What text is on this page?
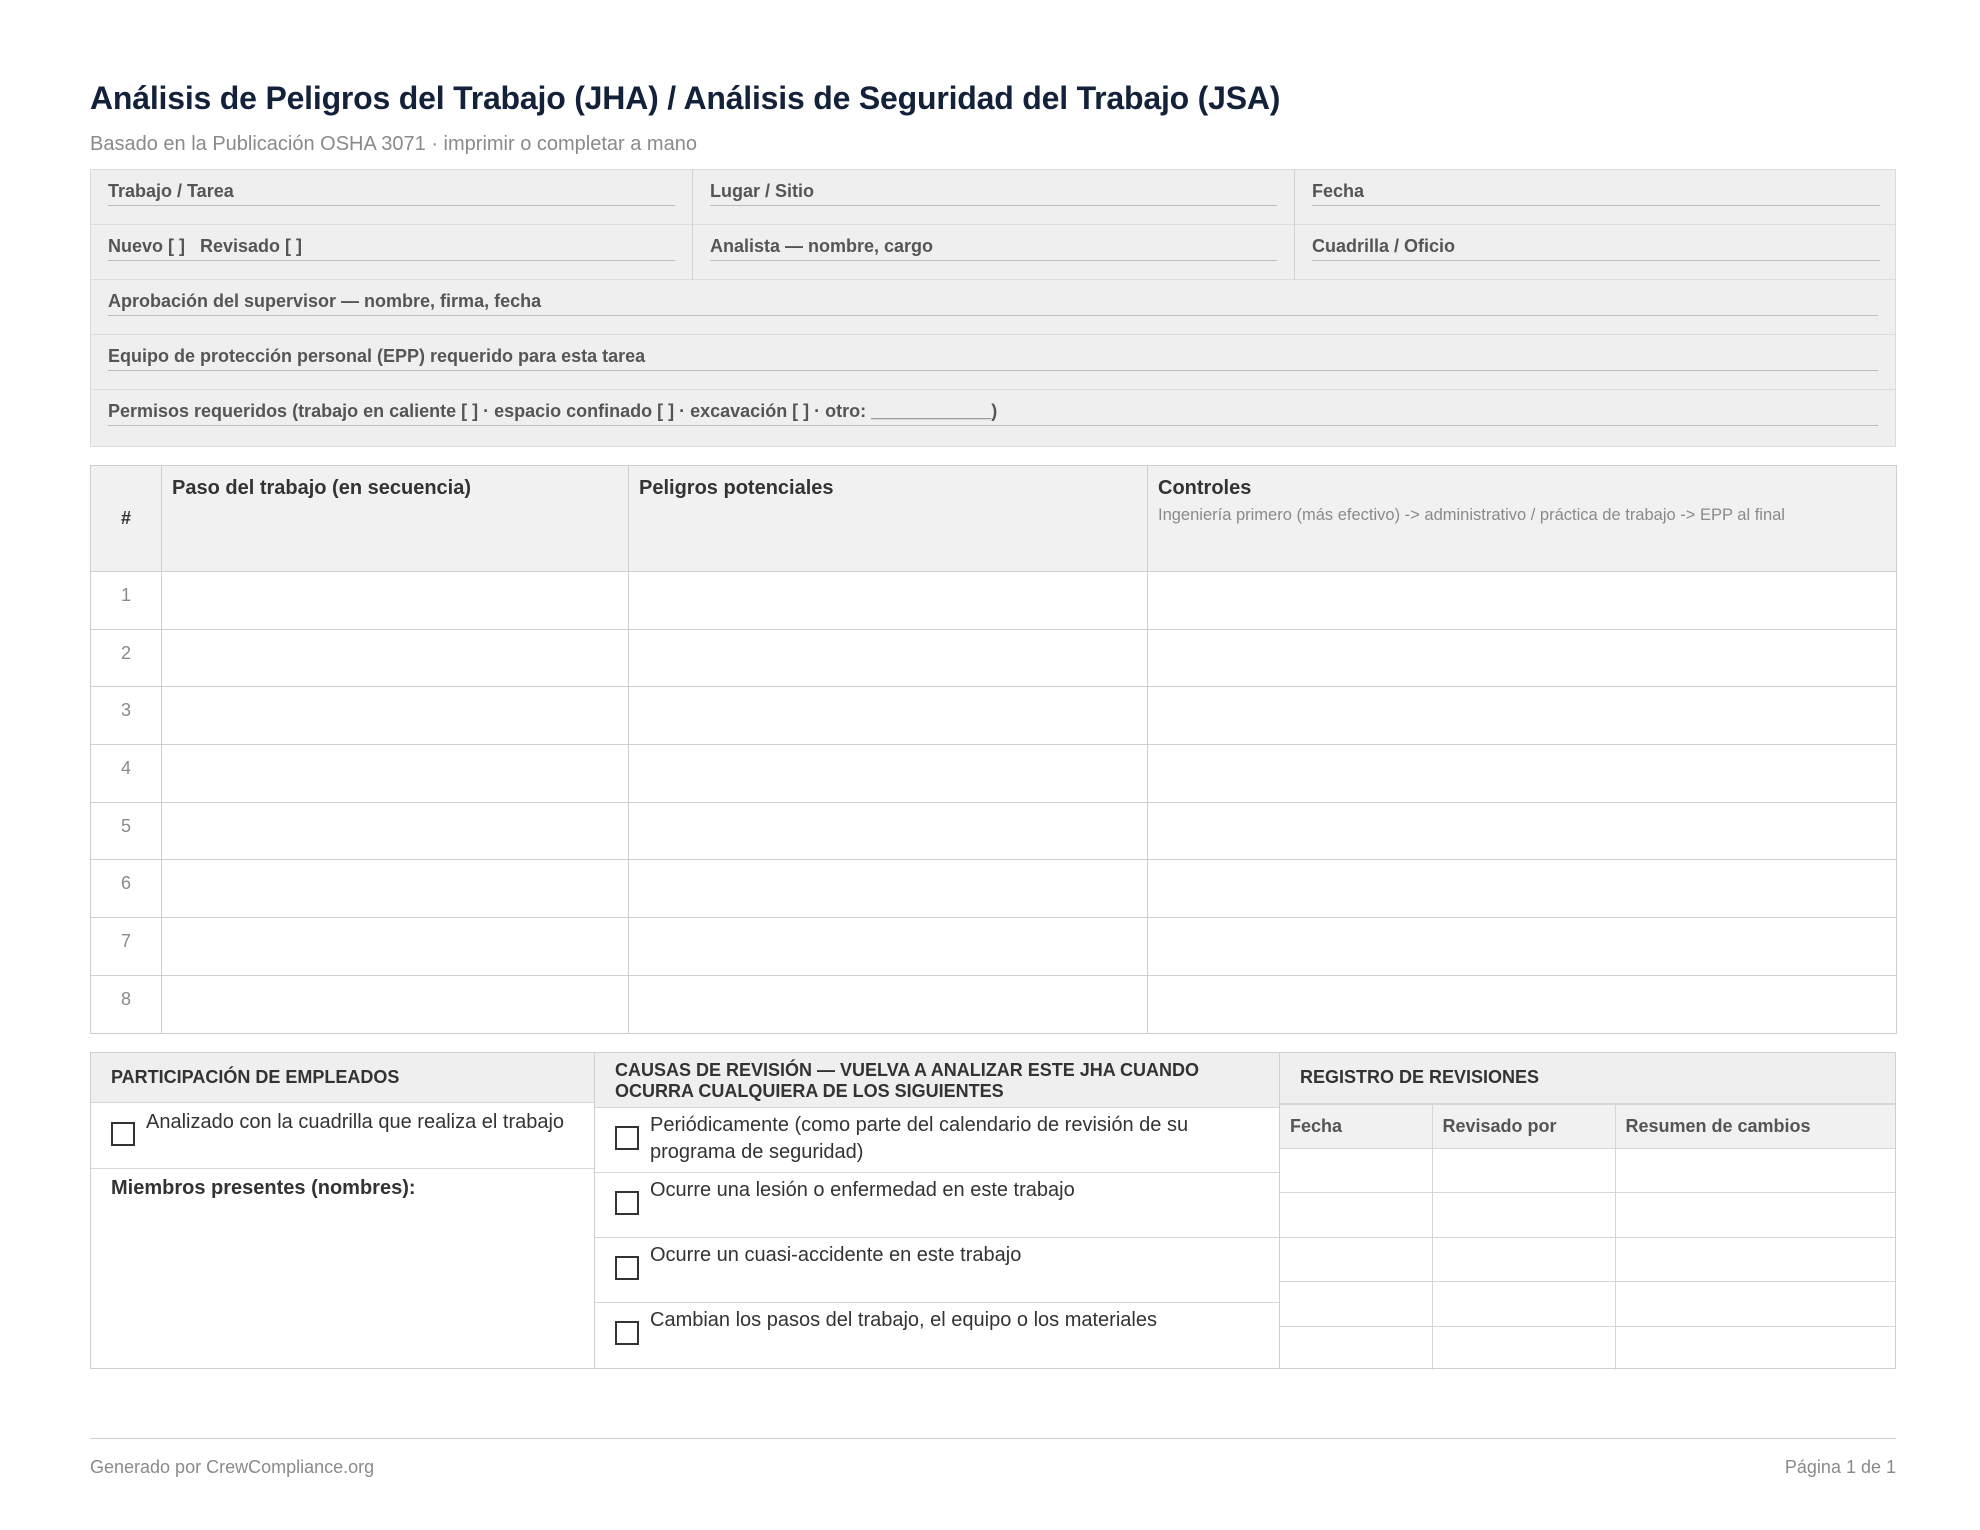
Análisis de Peligros del Trabajo (JHA) / Análisis de Seguridad del Trabajo (JSA)
Basado en la Publicación OSHA 3071 · imprimir o completar a mano
Trabajo / Tarea	Lugar / Sitio	Fecha
Nuevo [ ]   Revisado [ ]	Analista — nombre, cargo	Cuadrilla / Oficio
Aprobación del supervisor — nombre, firma, fecha
Equipo de protección personal (EPP) requerido para esta tarea
Permisos requeridos (trabajo en caliente [ ] · espacio confinado [ ] · excavación [ ] · otro: ____________)
#	Paso del trabajo (en secuencia)	Peligros potenciales	Controles
Ingeniería primero (más efectivo) -> administrativo / práctica de trabajo -> EPP al final

1			
2			
3			
4			
5			
6			
7			
8			
PARTICIPACIÓN DE EMPLEADOS
Analizado con la cuadrilla que realiza el trabajo
Miembros presentes (nombres):
CAUSAS DE REVISIÓN — VUELVA A ANALIZAR ESTE JHA CUANDO OCURRA CUALQUIERA DE LOS SIGUIENTES
Periódicamente (como parte del calendario de revisión de su programa de seguridad)
Ocurre una lesión o enfermedad en este trabajo
Ocurre un cuasi-accidente en este trabajo
Cambian los pasos del trabajo, el equipo o los materiales
REGISTRO DE REVISIONES
Fecha	Revisado por	Resumen de cambios

Generado por CrewCompliance.org	Página 1 de 1
